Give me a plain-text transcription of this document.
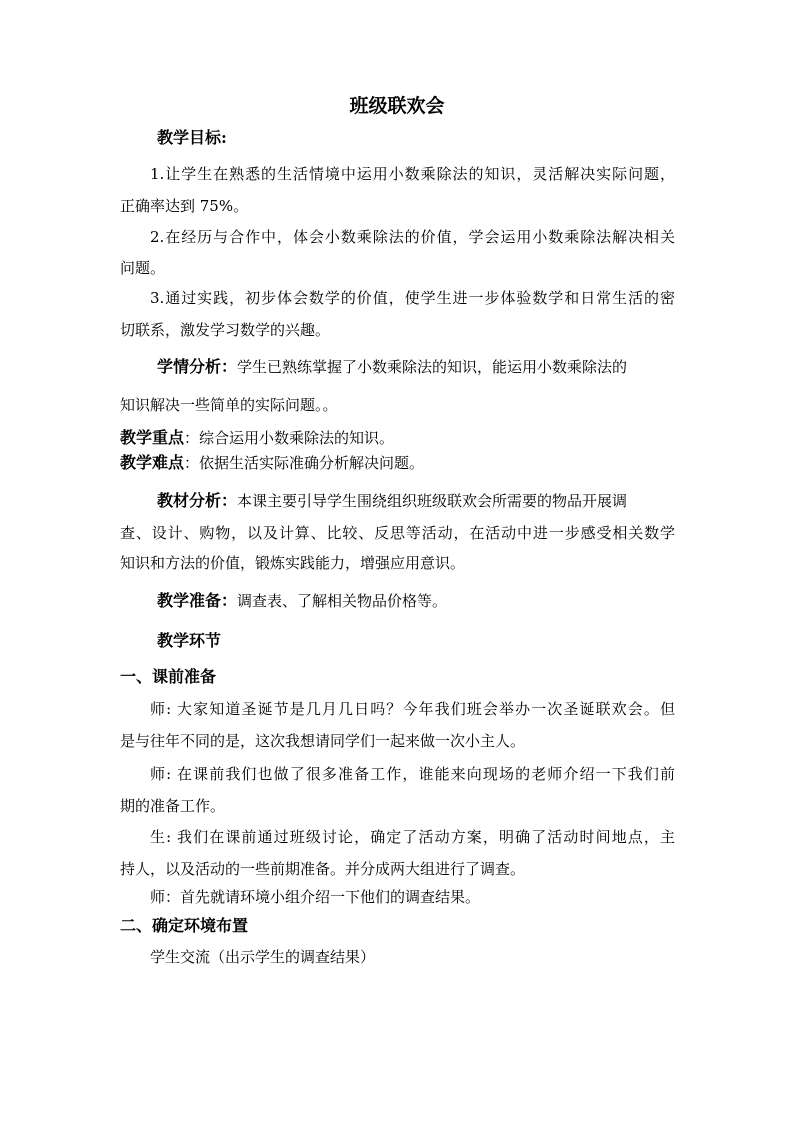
班级联欢会
教学目标:
1.让学生在熟悉的生活情境中运用小数乘除法的知识，灵活解决实际问题，
正确率达到 75%。
2.在经历与合作中，体会小数乘除法的价值，学会运用小数乘除法解决相关
问题。
3.通过实践，初步体会数学的价值，使学生进一步体验数学和日常生活的密
切联系，激发学习数学的兴趣。
学情分析：学生已熟练掌握了小数乘除法的知识，能运用小数乘除法的
知识解决一些简单的实际问题。。
教学重点：综合运用小数乘除法的知识。
教学难点：依据生活实际准确分析解决问题。
教材分析：本课主要引导学生围绕组织班级联欢会所需要的物品开展调
查、设计、购物，以及计算、比较、反思等活动，在活动中进一步感受相关数学
知识和方法的价值，锻炼实践能力，增强应用意识。
教学准备：调查表、了解相关物品价格等。
教学环节
一、课前准备
师: 大家知道圣诞节是几月几日吗？今年我们班会举办一次圣诞联欢会。但
是与往年不同的是，这次我想请同学们一起来做一次小主人。
师: 在课前我们也做了很多准备工作，谁能来向现场的老师介绍一下我们前
期的准备工作。
生: 我们在课前通过班级讨论，确定了活动方案，明确了活动时间地点，主
持人，以及活动的一些前期准备。并分成两大组进行了调查。
师：首先就请环境小组介绍一下他们的调查结果。
二、确定环境布置
学生交流（出示学生的调查结果）
